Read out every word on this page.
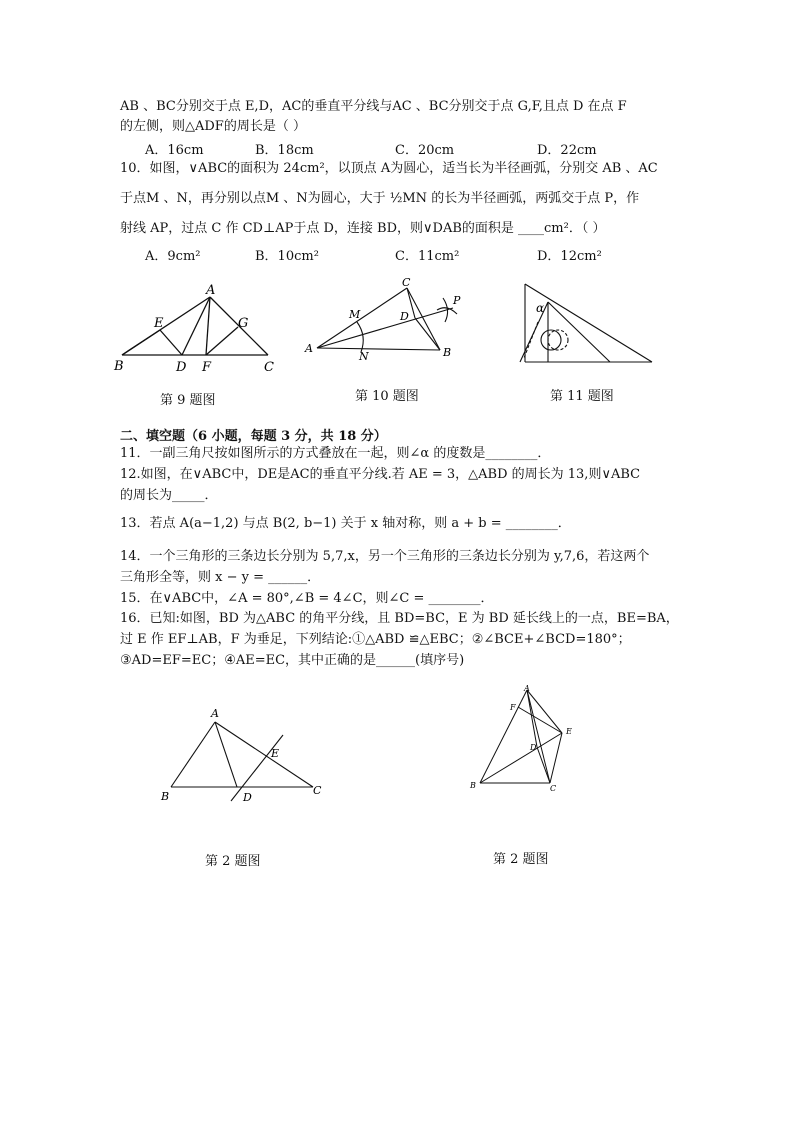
AB 、BC分别交于点 E,D，AC的垂直平分线与AC 、BC分别交于点 G,F,且点 D 在点 F
的左侧，则△ADF的周长是（ ）
A．16cm	B．18cm	C．20cm	D．22cm
10．如图，∨ABC的面积为 24cm²，以顶点 A为圆心，适当长为半径画弧，分别交 AB 、AC
于点M 、N，再分别以点M 、N为圆心，大于 ½MN 的长为半径画弧，两弧交于点 P，作
射线 AP，过点 C 作 CD⊥AP于点 D，连接 BD，则∨DAB的面积是 ____cm²．（ ）
A．9cm²	B．10cm²	C．11cm²	D．12cm²
A
E	G
B	D F	C
第 9 题图
C
P
M	D
A
N	B
第 10 题图
α
第 11 题图
二、填空题（6 小题，每题 3 分，共 18 分）
11．一副三角尺按如图所示的方式叠放在一起，则∠α 的度数是________．
12.如图，在∨ABC中，DE是AC的垂直平分线.若 AE = 3，△ABD 的周长为 13,则∨ABC
的周长为_____．
13．若点 A(a−1,2) 与点 B(2, b−1) 关于 x 轴对称，则 a + b = ________．
14．一个三角形的三条边长分别为 5,7,x，另一个三角形的三条边长分别为 y,7,6，若这两个
三角形全等，则 x − y = ______．
15．在∨ABC中，∠A = 80°,∠B = 4∠C，则∠C = ________．
16．已知:如图，BD 为△ABC 的角平分线，且 BD=BC，E 为 BD 延长线上的一点，BE=BA，
过 E 作 EF⊥AB，F 为垂足，下列结论:①△ABD ≌△EBC；②∠BCE+∠BCD=180°；
③AD=EF=EC；④AE=EC，其中正确的是______(填序号)
A
E
B	D
C
第 2 题图
A
F
E
D
B	C
第 2 题图
